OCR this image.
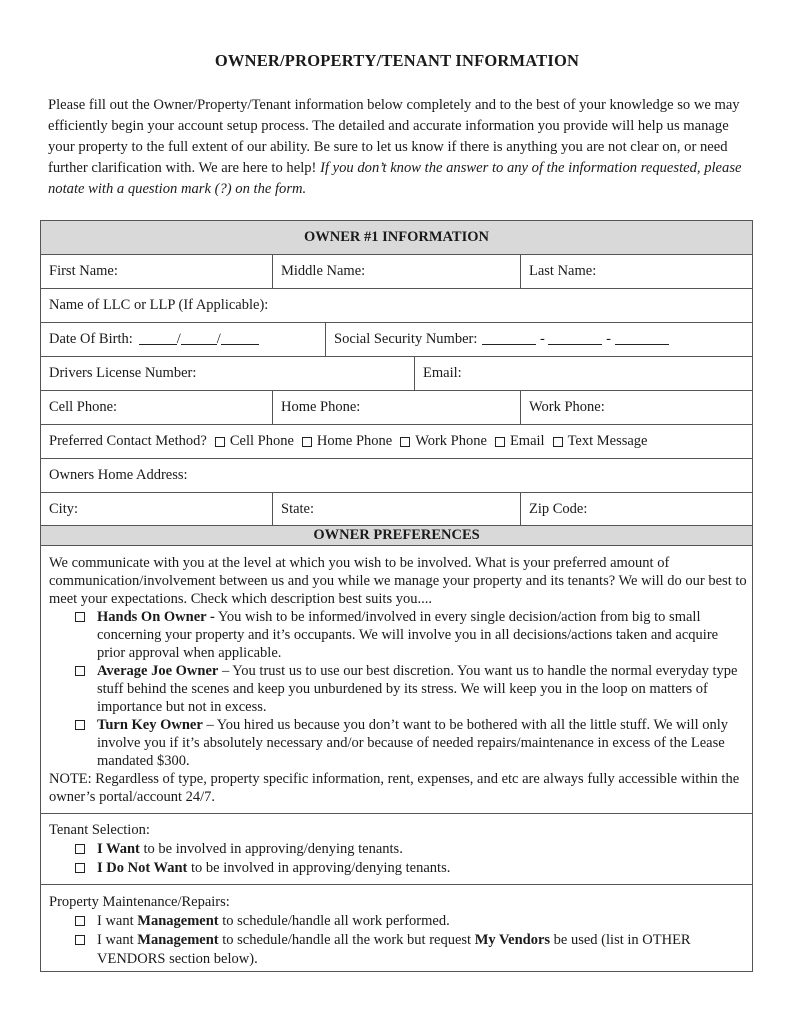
OWNER/PROPERTY/TENANT INFORMATION
Please fill out the Owner/Property/Tenant information below completely and to the best of your knowledge so we may efficiently begin your account setup process. The detailed and accurate information you provide will help us manage your property to the full extent of our ability. Be sure to let us know if there is anything you are not clear on, or need further clarification with. We are here to help! If you don’t know the answer to any of the information requested, please notate with a question mark (?) on the form.
OWNER #1 INFORMATION
First Name:	Middle Name:	Last Name:
Name of LLC or LLP (If Applicable):
Date Of Birth:	/ /	Social Security Number:	-	-
Drivers License Number:	Email:
Cell Phone:	Home Phone:	Work Phone:
Preferred Contact Method? Cell Phone Home Phone Work Phone Email Text Message
Owners Home Address:
City:	State:	Zip Code:
OWNER PREFERENCES
We communicate with you at the level at which you wish to be involved. What is your preferred amount of communication/involvement between us and you while we manage your property and its tenants? We will do our best to meet your expectations. Check which description best suits you....
Hands On Owner - You wish to be informed/involved in every single decision/action from big to small concerning your property and it’s occupants. We will involve you in all decisions/actions taken and acquire prior approval when applicable.
Average Joe Owner – You trust us to use our best discretion. You want us to handle the normal everyday type stuff behind the scenes and keep you unburdened by its stress. We will keep you in the loop on matters of importance but not in excess.
Turn Key Owner – You hired us because you don’t want to be bothered with all the little stuff. We will only involve you if it’s absolutely necessary and/or because of needed repairs/maintenance in excess of the Lease mandated $300.
NOTE: Regardless of type, property specific information, rent, expenses, and etc are always fully accessible within the owner’s portal/account 24/7.
Tenant Selection:
I Want to be involved in approving/denying tenants.
I Do Not Want to be involved in approving/denying tenants.
Property Maintenance/Repairs:
I want Management to schedule/handle all work performed.
I want Management to schedule/handle all the work but request My Vendors be used (list in OTHER VENDORS section below).
